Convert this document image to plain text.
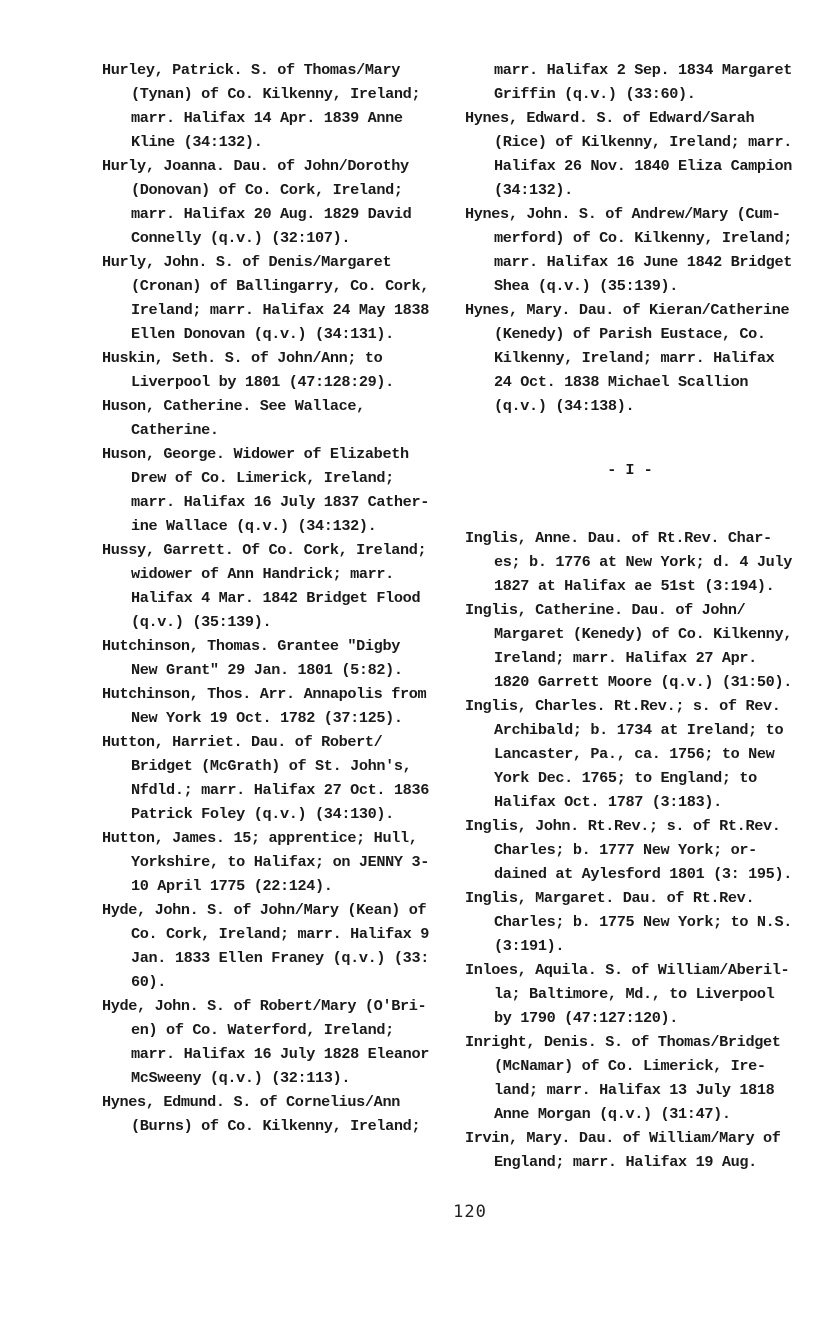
Hurley, Patrick. S. of Thomas/Mary
(Tynan) of Co. Kilkenny, Ireland;
marr. Halifax 14 Apr. 1839 Anne
Kline (34:132).

Hurly, Joanna. Dau. of John/Dorothy
(Donovan) of Co. Cork, Ireland;
marr. Halifax 20 Aug. 1829 David
Connelly (q.v.) (32:107).

Hurly, John. S. of Denis/Margaret
(Cronan) of Ballingarry, Co. Cork,
Ireland; marr. Halifax 24 May 1838
Ellen Donovan (q.v.) (34:131).

Huskin, Seth. S. of John/Ann; to
Liverpool by 1801 (47:128:29).

Huson, Catherine. See Wallace,
Catherine.

Huson, George. Widower of Elizabeth
Drew of Co. Limerick, Ireland;
marr. Halifax 16 July 1837 Cather-
ine Wallace (q.v.) (34:132).

Hussy, Garrett. Of Co. Cork, Ireland;
widower of Ann Handrick; marr.
Halifax 4 Mar. 1842 Bridget Flood
(q.v.) (35:139).

Hutchinson, Thomas. Grantee "Digby
New Grant" 29 Jan. 1801 (5:82).

Hutchinson, Thos. Arr. Annapolis from
New York 19 Oct. 1782 (37:125).

Hutton, Harriet. Dau. of Robert/
Bridget (McGrath) of St. John's,
Nfdld.; marr. Halifax 27 Oct. 1836
Patrick Foley (q.v.) (34:130).

Hutton, James. 15; apprentice; Hull,
Yorkshire, to Halifax; on JENNY 3-
10 April 1775 (22:124).

Hyde, John. S. of John/Mary (Kean) of
Co. Cork, Ireland; marr. Halifax 9
Jan. 1833 Ellen Franey (q.v.) (33:
60).

Hyde, John. S. of Robert/Mary (O'Bri-
en) of Co. Waterford, Ireland;
marr. Halifax 16 July 1828 Eleanor
McSweeny (q.v.) (32:113).

Hynes, Edmund. S. of Cornelius/Ann
(Burns) of Co. Kilkenny, Ireland;

marr. Halifax 2 Sep. 1834 Margaret
Griffin (q.v.) (33:60).

Hynes, Edward. S. of Edward/Sarah
(Rice) of Kilkenny, Ireland; marr.
Halifax 26 Nov. 1840 Eliza Campion
(34:132).

Hynes, John. S. of Andrew/Mary (Cum-
merford) of Co. Kilkenny, Ireland;
marr. Halifax 16 June 1842 Bridget
Shea (q.v.) (35:139).

Hynes, Mary. Dau. of Kieran/Catherine
(Kenedy) of Parish Eustace, Co.
Kilkenny, Ireland; marr. Halifax
24 Oct. 1838 Michael Scallion
(q.v.) (34:138).

- I -

Inglis, Anne. Dau. of Rt.Rev. Char-
es; b. 1776 at New York; d. 4 July
1827 at Halifax ae 51st (3:194).

Inglis, Catherine. Dau. of John/
Margaret (Kenedy) of Co. Kilkenny,
Ireland; marr. Halifax 27 Apr.
1820 Garrett Moore (q.v.) (31:50).

Inglis, Charles. Rt.Rev.; s. of Rev.
Archibald; b. 1734 at Ireland; to
Lancaster, Pa., ca. 1756; to New
York Dec. 1765; to England; to
Halifax Oct. 1787 (3:183).

Inglis, John. Rt.Rev.; s. of Rt.Rev.
Charles; b. 1777 New York; or-
dained at Aylesford 1801 (3: 195).

Inglis, Margaret. Dau. of Rt.Rev.
Charles; b. 1775 New York; to N.S.
(3:191).

Inloes, Aquila. S. of William/Aberil-
la; Baltimore, Md., to Liverpool
by 1790 (47:127:120).

Inright, Denis. S. of Thomas/Bridget
(McNamar) of Co. Limerick, Ire-
land; marr. Halifax 13 July 1818
Anne Morgan (q.v.) (31:47).

Irvin, Mary. Dau. of William/Mary of
England; marr. Halifax 19 Aug.

120
